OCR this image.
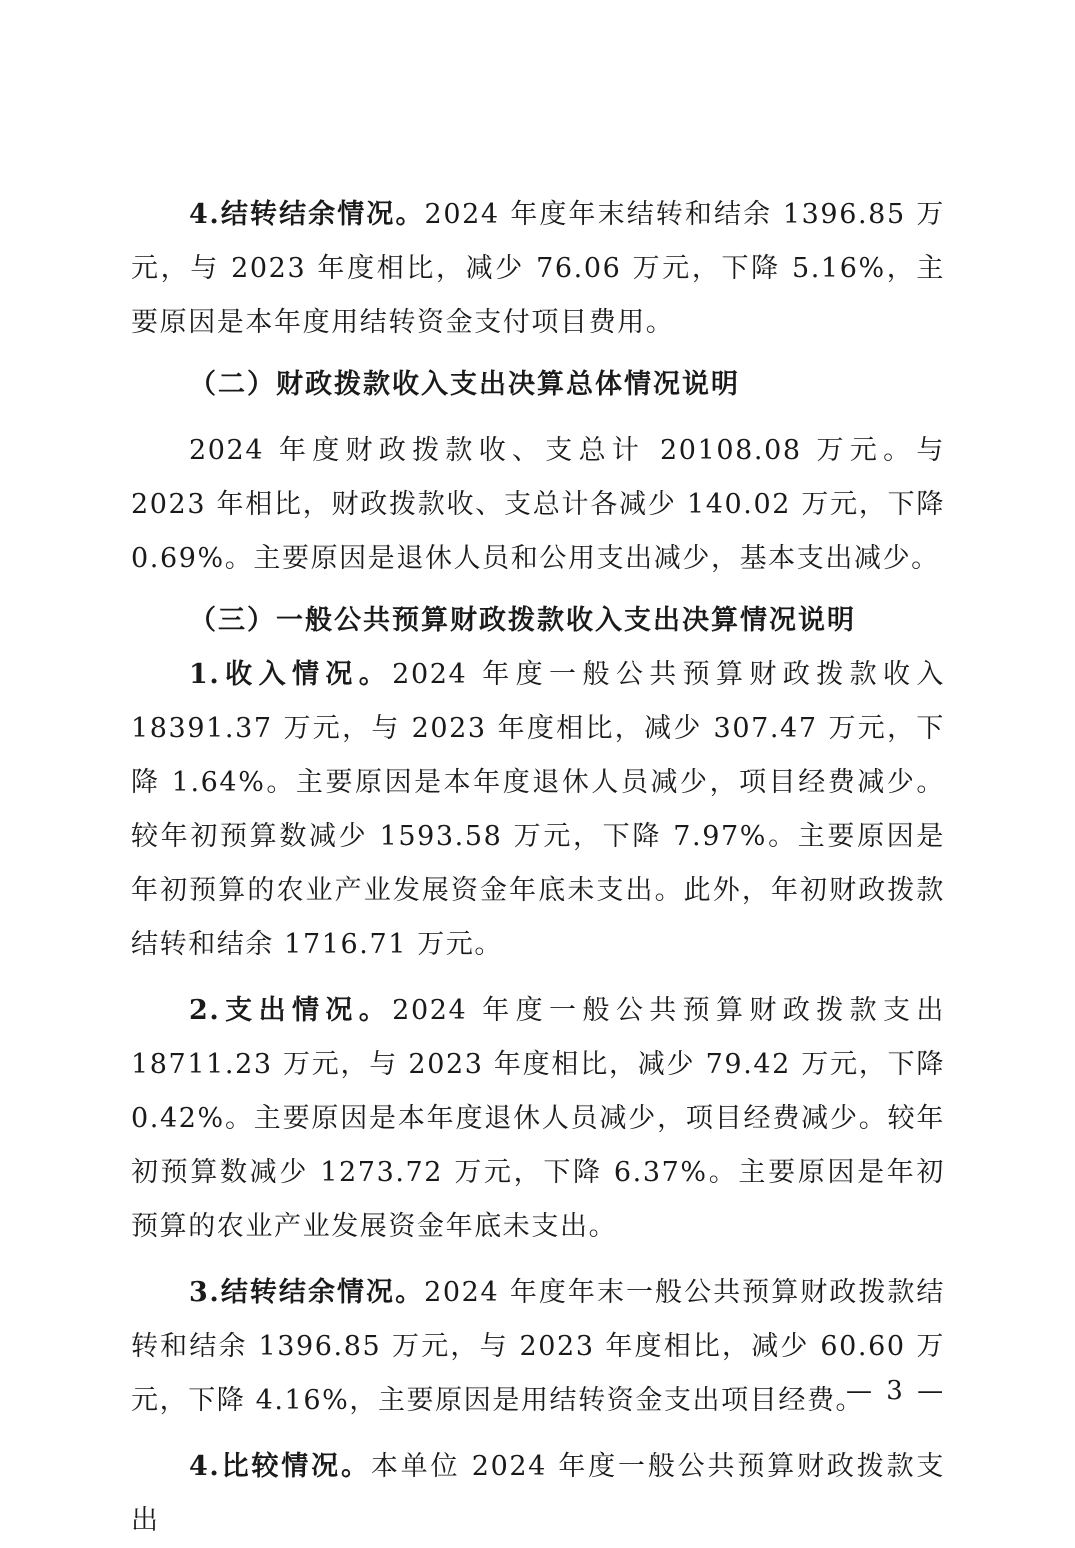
4.结转结余情况。2024 年度年末结转和结余 1396.85 万元，与 2023 年度相比，减少 76.06 万元，下降 5.16%，主要原因是本年度用结转资金支付项目费用。

（二）财政拨款收入支出决算总体情况说明

2024 年度财政拨款收、支总计 20108.08 万元。与 2023 年相比，财政拨款收、支总计各减少 140.02 万元，下降 0.69%。主要原因是退休人员和公用支出减少，基本支出减少。

（三）一般公共预算财政拨款收入支出决算情况说明

1.收入情况。2024 年度一般公共预算财政拨款收入 18391.37 万元，与 2023 年度相比，减少 307.47 万元，下降 1.64%。主要原因是本年度退休人员减少，项目经费减少。较年初预算数减少 1593.58 万元，下降 7.97%。主要原因是年初预算的农业产业发展资金年底未支出。此外，年初财政拨款结转和结余 1716.71 万元。

2.支出情况。2024 年度一般公共预算财政拨款支出 18711.23 万元，与 2023 年度相比，减少 79.42 万元，下降 0.42%。主要原因是本年度退休人员减少，项目经费减少。较年初预算数减少 1273.72 万元，下降 6.37%。主要原因是年初预算的农业产业发展资金年底未支出。

3.结转结余情况。2024 年度年末一般公共预算财政拨款结转和结余 1396.85 万元，与 2023 年度相比，减少 60.60 万元，下降 4.16%，主要原因是用结转资金支出项目经费。

4.比较情况。本单位 2024 年度一般公共预算财政拨款支出

— 3 —
